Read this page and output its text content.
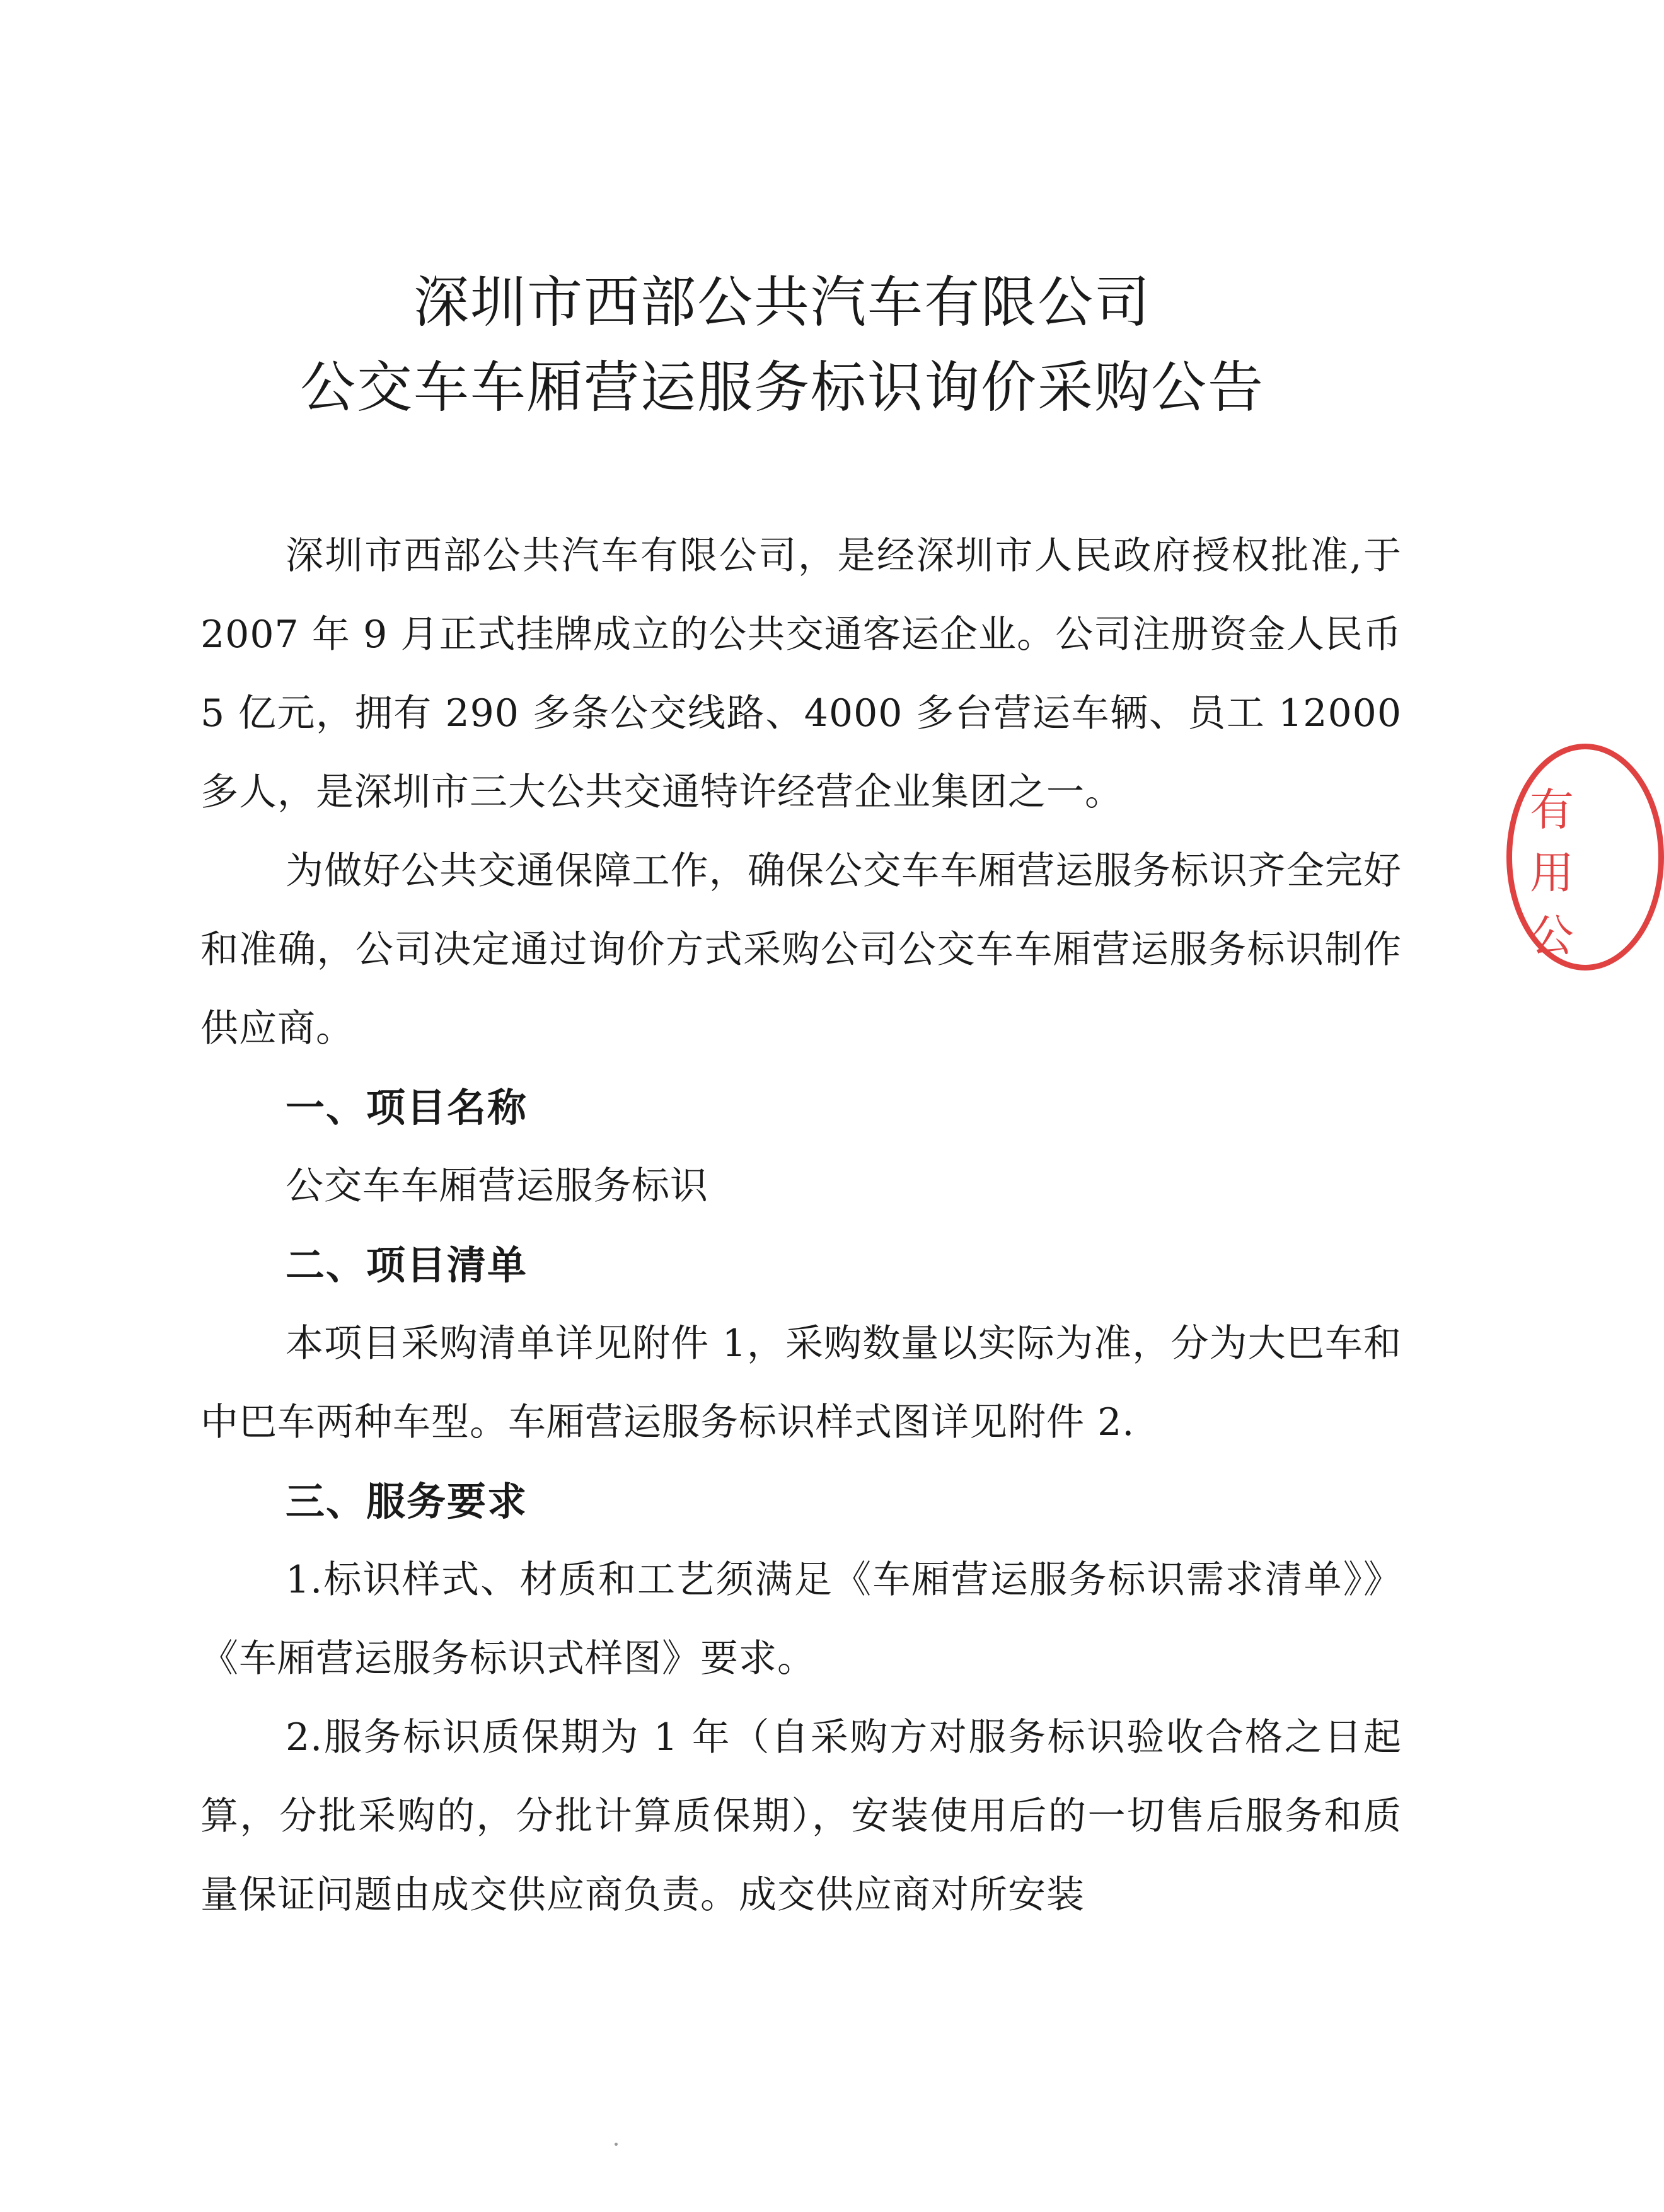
深圳市西部公共汽车有限公司
公交车车厢营运服务标识询价采购公告

深圳市西部公共汽车有限公司，是经深圳市人民政府授权批准,于 2007 年 9 月正式挂牌成立的公共交通客运企业。公司注册资金人民币 5 亿元，拥有 290 多条公交线路、4000 多台营运车辆、员工 12000 多人，是深圳市三大公共交通特许经营企业集团之一。

为做好公共交通保障工作，确保公交车车厢营运服务标识齐全完好和准确，公司决定通过询价方式采购公司公交车车厢营运服务标识制作供应商。

一、项目名称

公交车车厢营运服务标识

二、项目清单

本项目采购清单详见附件 1，采购数量以实际为准，分为大巴车和中巴车两种车型。车厢营运服务标识样式图详见附件 2.

三、服务要求

1.标识样式、材质和工艺须满足《车厢营运服务标识需求清单》》《车厢营运服务标识式样图》要求。

2.服务标识质保期为 1 年（自采购方对服务标识验收合格之日起算，分批采购的，分批计算质保期），安装使用后的一切售后服务和质量保证问题由成交供应商负责。成交供应商对所安装

有
用
公
